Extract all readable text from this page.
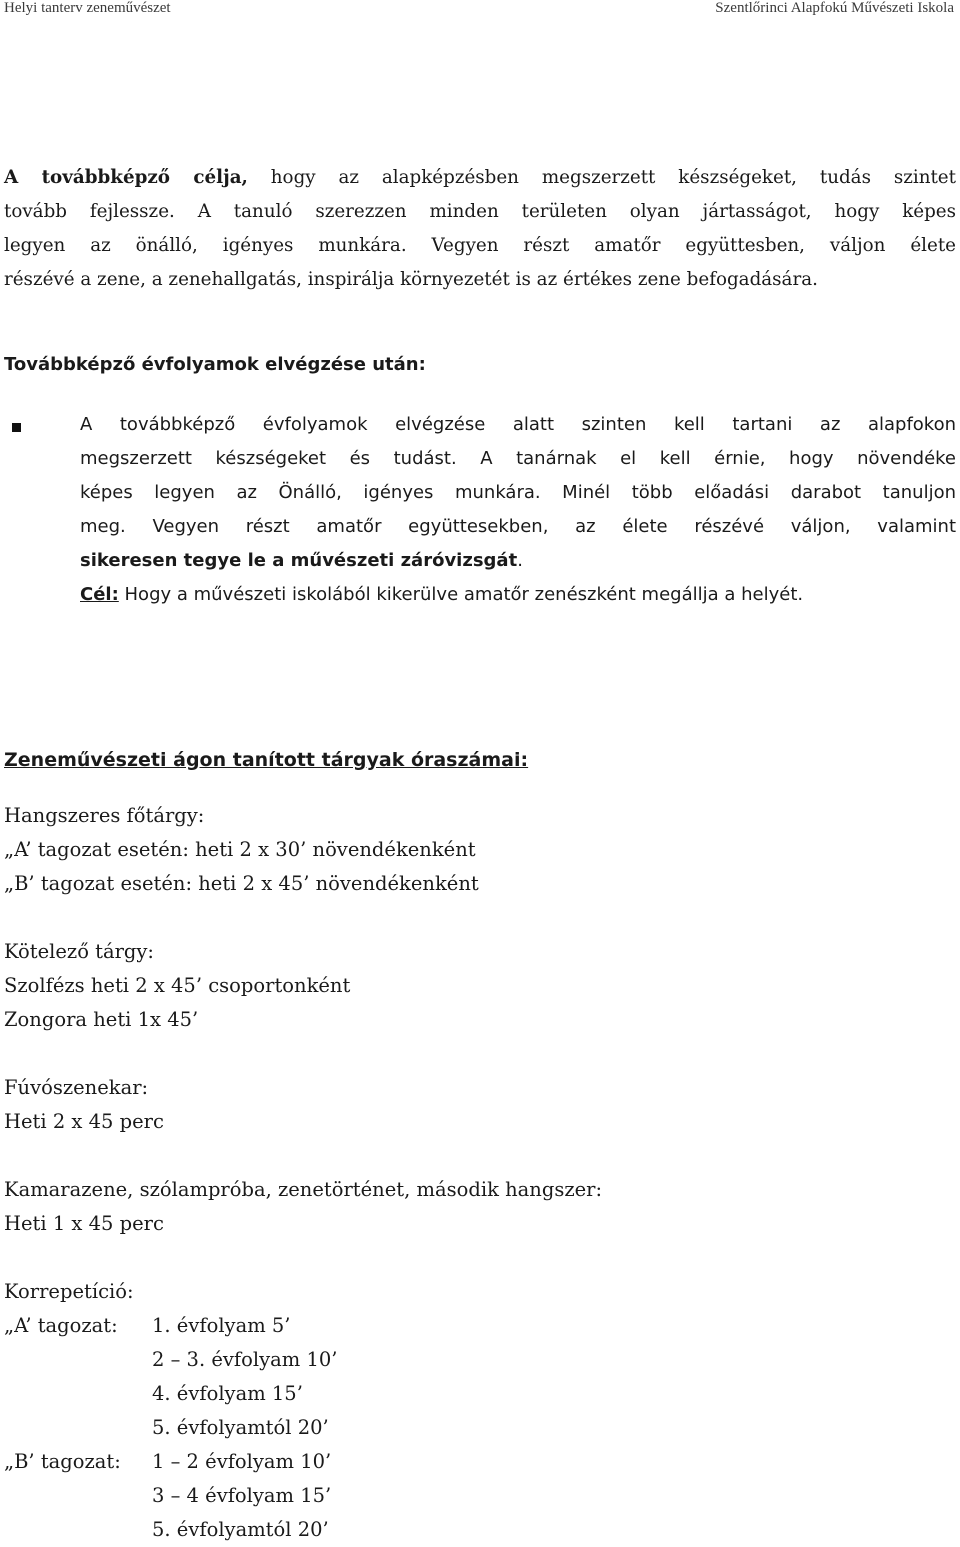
Helyi tanterv zeneművészet	Szentlőrinci Alapfokú Művészeti Iskola
A továbbképző célja, hogy az alapképzésben megszerzett készségeket, tudás szintet
tovább fejlessze. A tanuló szerezzen minden területen olyan jártasságot, hogy képes
legyen az önálló, igényes munkára. Vegyen részt amatőr együttesben, váljon élete
részévé a zene, a zenehallgatás, inspirálja környezetét is az értékes zene befogadására.
Továbbképző évfolyamok elvégzése után:
A továbbképző évfolyamok elvégzése alatt szinten kell tartani az alapfokon
megszerzett készségeket és tudást. A tanárnak el kell érnie, hogy növendéke
képes legyen az Önálló, igényes munkára. Minél több előadási darabot tanuljon
meg. Vegyen részt amatőr együttesekben, az élete részévé váljon, valamint
sikeresen tegye le a művészeti záróvizsgát.
Cél: Hogy a művészeti iskolából kikerülve amatőr zenészként megállja a helyét.
Zeneművészeti ágon tanított tárgyak óraszámai:
Hangszeres főtárgy:
„A’ tagozat esetén: heti 2 x 30’ növendékenként
„B’ tagozat esetén: heti 2 x 45’ növendékenként
Kötelező tárgy:
Szolfézs heti 2 x 45’ csoportonként
Zongora heti 1x 45’
Fúvószenekar:
Heti 2 x 45 perc
Kamarazene, szólampróba, zenetörténet, második hangszer:
Heti 1 x 45 perc
Korrepetíció:
„A’ tagozat: 1. évfolyam 5’
2 – 3. évfolyam 10’
4. évfolyam 15’
5. évfolyamtól 20’
„B’ tagozat: 1 – 2 évfolyam 10’
3 – 4 évfolyam 15’
5. évfolyamtól 20’
